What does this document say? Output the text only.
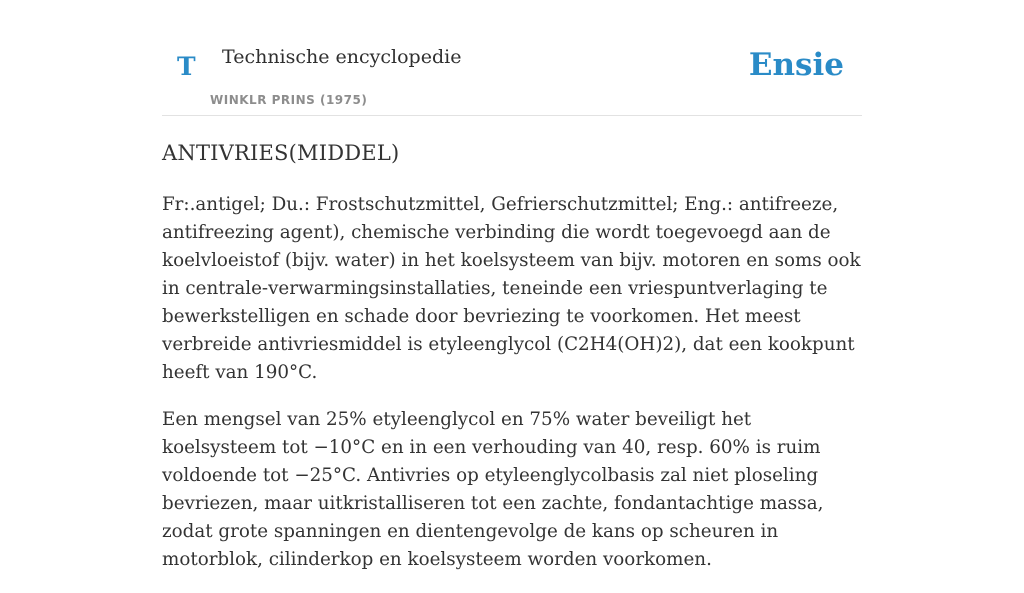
T Technische encyclopedie
WINKLR PRINS (1975)
Ensie
ANTIVRIES(MIDDEL)

Fr:.antigel; Du.: Frostschutzmittel, Gefrierschutzmittel; Eng.: antifreeze, antifreezing agent), chemische verbinding die wordt toegevoegd aan de koelvloeistof (bijv. water) in het koelsysteem van bijv. motoren en soms ook in centrale-verwarmingsinstallaties, teneinde een vriespuntverlaging te bewerkstelligen en schade door bevriezing te voorkomen. Het meest verbreide antivriesmiddel is etyleenglycol (C2H4(OH)2), dat een kookpunt heeft van 190°C.

Een mengsel van 25% etyleenglycol en 75% water beveiligt het koelsysteem tot −10°C en in een verhouding van 40, resp. 60% is ruim voldoende tot −25°C. Antivries op etyleenglycolbasis zal niet ploseling bevriezen, maar uitkristalliseren tot een zachte, fondantachtige massa, zodat grote spanningen en dientengevolge de kans op scheuren in motorblok, cilinderkop en koelsysteem worden voorkomen.
